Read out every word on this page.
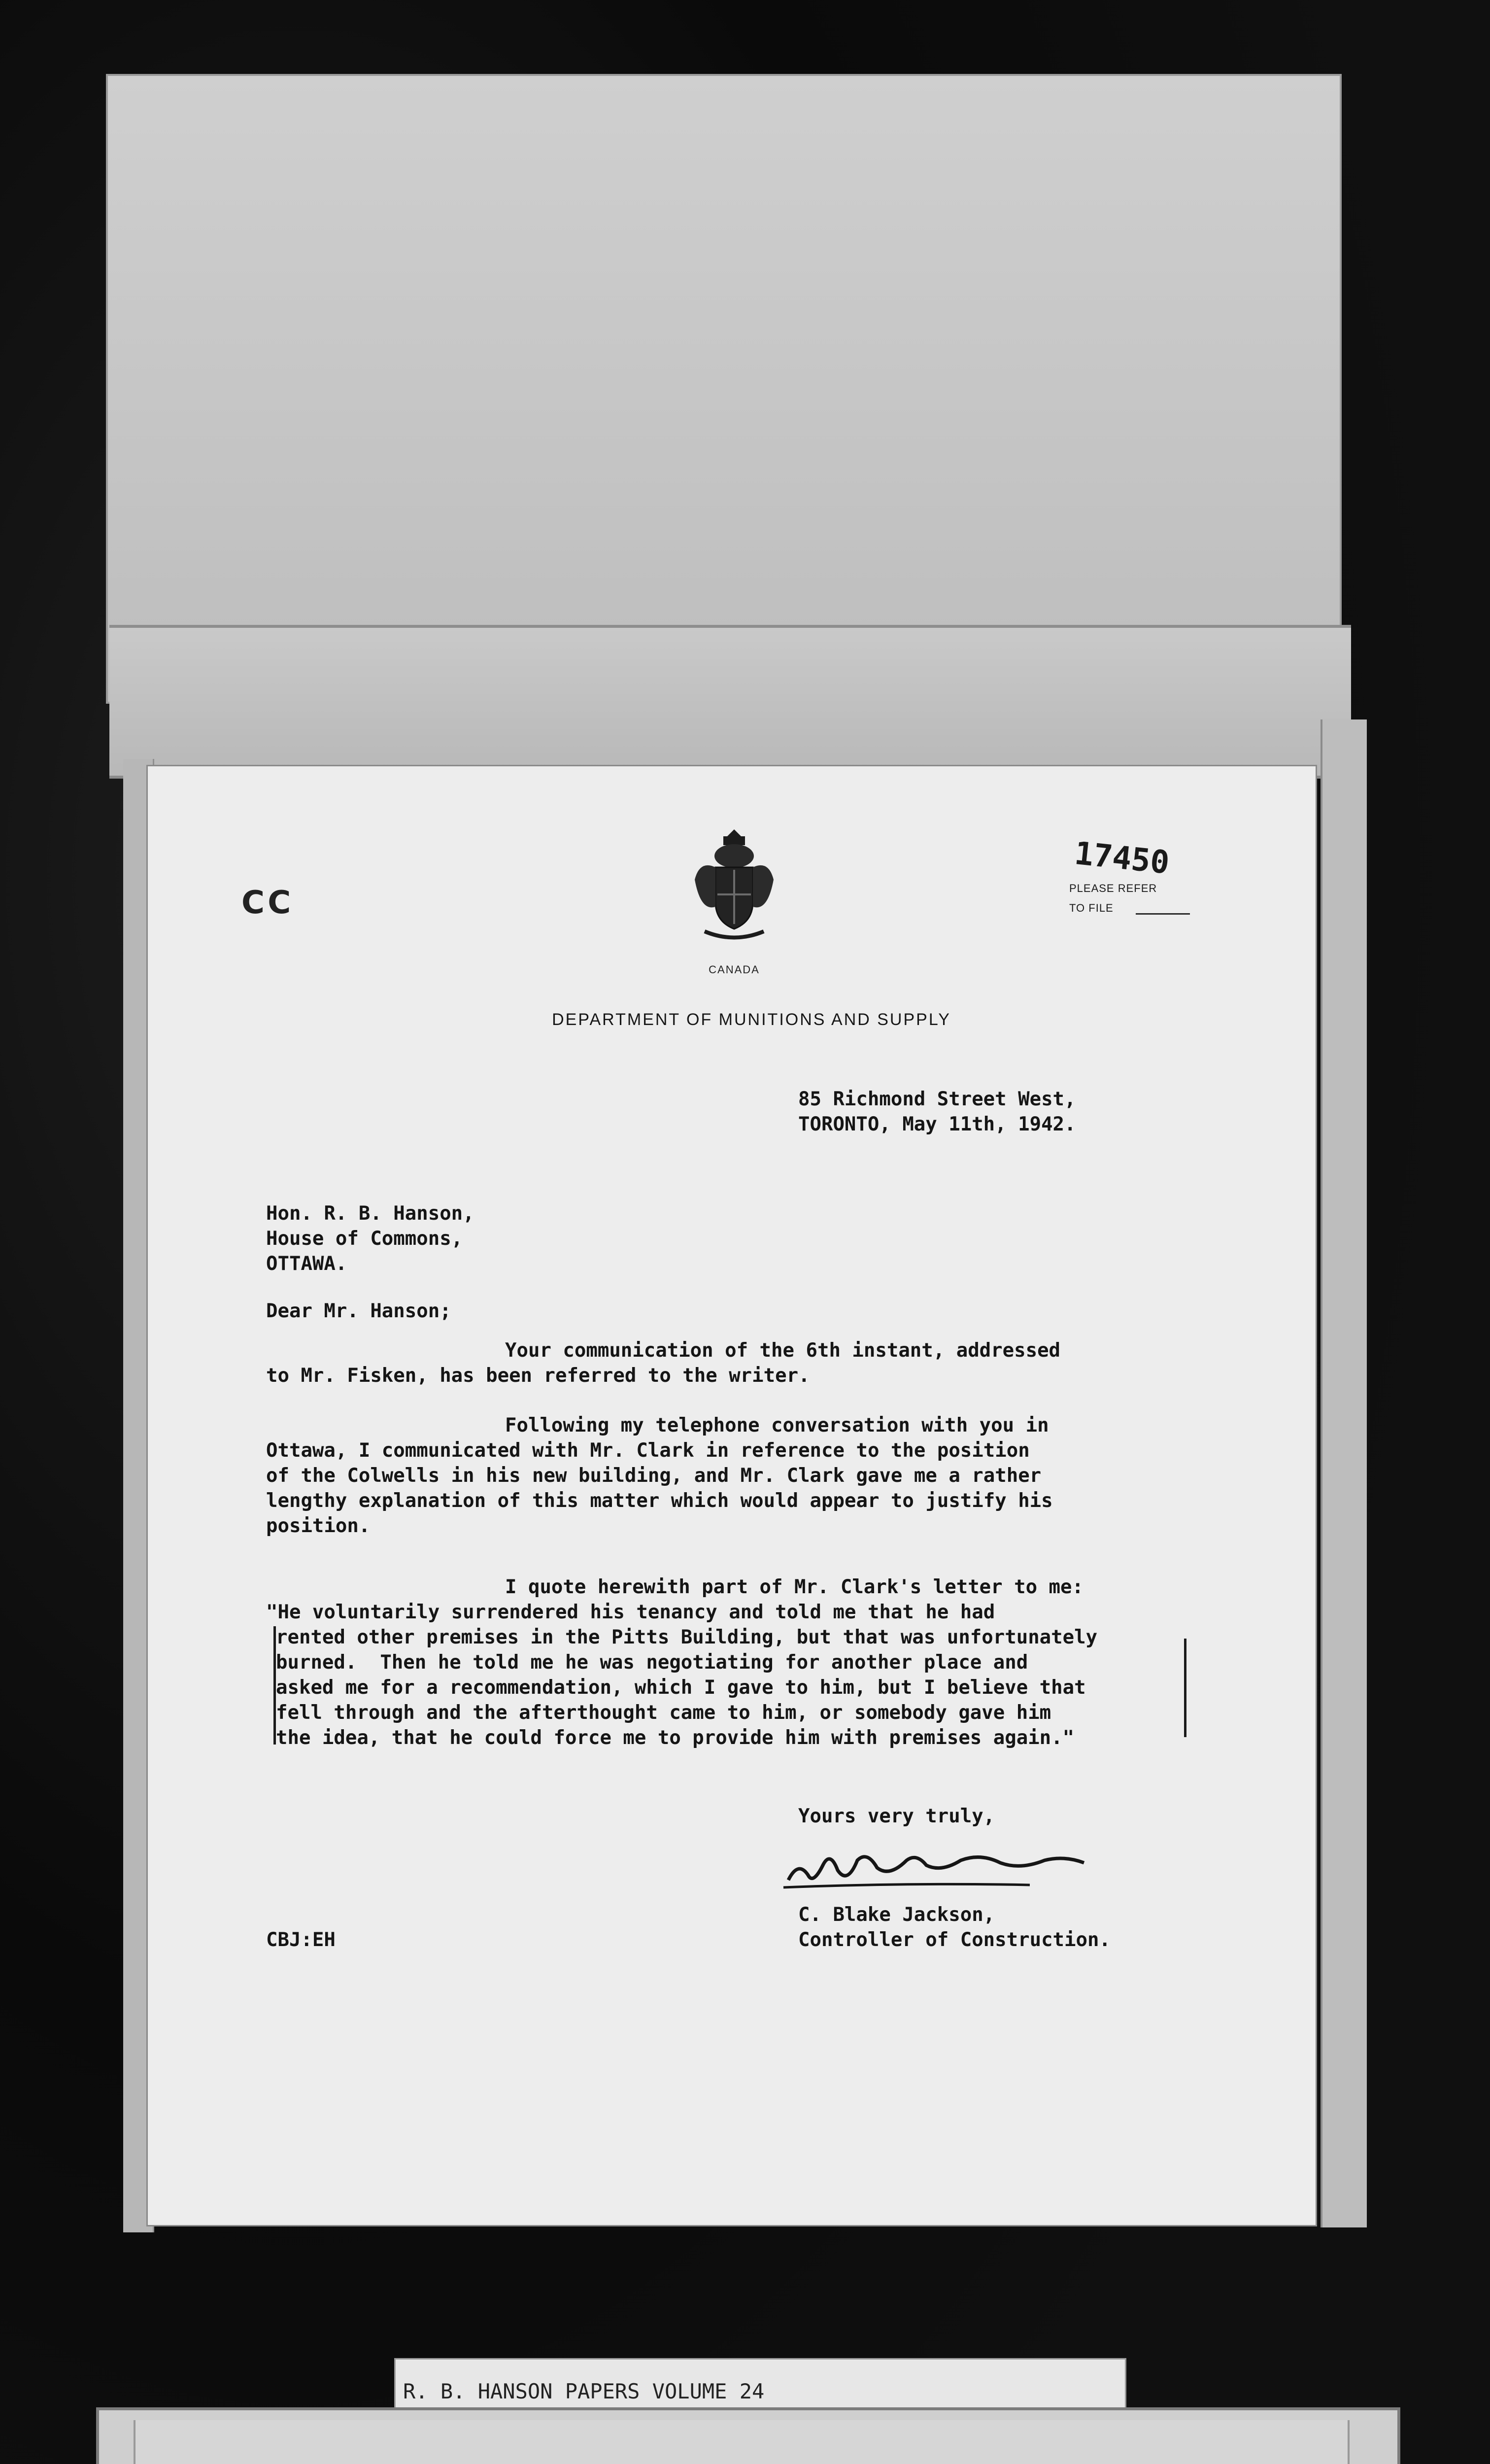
C C
CANADA
DEPARTMENT OF MUNITIONS AND SUPPLY
17450
PLEASE REFER
TO FILE
85 Richmond Street West,
TORONTO, May 11th, 1942.
Hon. R. B. Hanson,
House of Commons,
OTTAWA.
Dear Mr. Hanson;
Your communication of the 6th instant, addressed
to Mr. Fisken, has been referred to the writer.
Following my telephone conversation with you in
Ottawa, I communicated with Mr. Clark in reference to the position
of the Colwells in his new building, and Mr. Clark gave me a rather
lengthy explanation of this matter which would appear to justify his
position.
I quote herewith part of Mr. Clark's letter to me:
"He voluntarily surrendered his tenancy and told me that he had
rented other premises in the Pitts Building, but that was unfortunately
burned.  Then he told me he was negotiating for another place and
asked me for a recommendation, which I gave to him, but I believe that
fell through and the afterthought came to him, or somebody gave him
the idea, that he could force me to provide him with premises again."
Yours very truly,
C. Blake Jackson,
Controller of Construction.
CBJ:EH
R. B. HANSON PAPERS VOLUME 24
